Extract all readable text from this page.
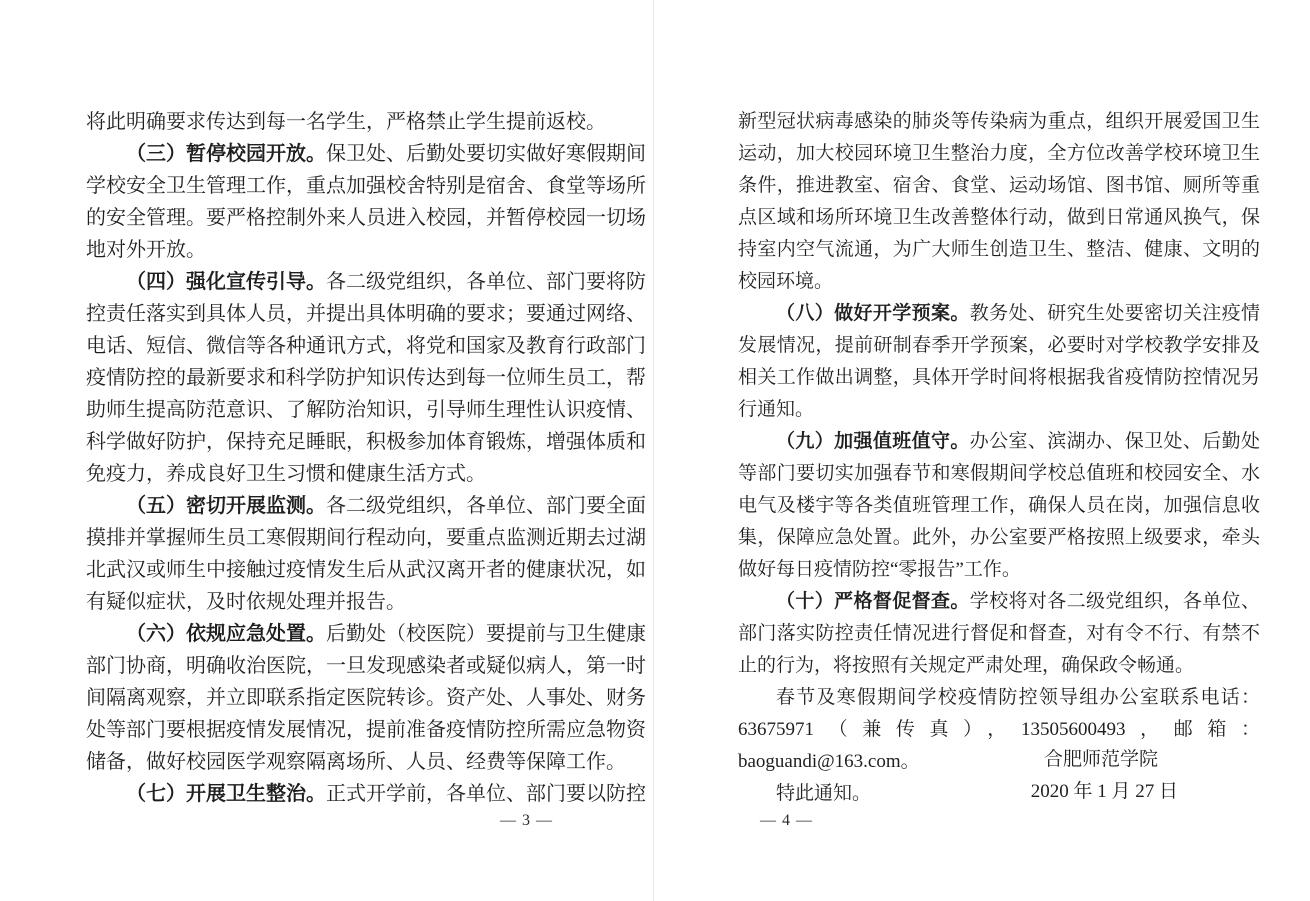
将此明确要求传达到每一名学生，严格禁止学生提前返校。

（三）暂停校园开放。保卫处、后勤处要切实做好寒假期间学校安全卫生管理工作，重点加强校舍特别是宿舍、食堂等场所的安全管理。要严格控制外来人员进入校园，并暂停校园一切场地对外开放。

（四）强化宣传引导。各二级党组织，各单位、部门要将防控责任落实到具体人员，并提出具体明确的要求；要通过网络、电话、短信、微信等各种通讯方式，将党和国家及教育行政部门疫情防控的最新要求和科学防护知识传达到每一位师生员工，帮助师生提高防范意识、了解防治知识，引导师生理性认识疫情、科学做好防护，保持充足睡眠，积极参加体育锻炼，增强体质和免疫力，养成良好卫生习惯和健康生活方式。

（五）密切开展监测。各二级党组织，各单位、部门要全面摸排并掌握师生员工寒假期间行程动向，要重点监测近期去过湖北武汉或师生中接触过疫情发生后从武汉离开者的健康状况，如有疑似症状，及时依规处理并报告。

（六）依规应急处置。后勤处（校医院）要提前与卫生健康部门协商，明确收治医院，一旦发现感染者或疑似病人，第一时间隔离观察，并立即联系指定医院转诊。资产处、人事处、财务处等部门要根据疫情发展情况，提前准备疫情防控所需应急物资储备，做好校园医学观察隔离场所、人员、经费等保障工作。

（七）开展卫生整治。正式开学前，各单位、部门要以防控

新型冠状病毒感染的肺炎等传染病为重点，组织开展爱国卫生运动，加大校园环境卫生整治力度，全方位改善学校环境卫生条件，推进教室、宿舍、食堂、运动场馆、图书馆、厕所等重点区域和场所环境卫生改善整体行动，做到日常通风换气，保持室内空气流通，为广大师生创造卫生、整洁、健康、文明的校园环境。

（八）做好开学预案。教务处、研究生处要密切关注疫情发展情况，提前研制春季开学预案，必要时对学校教学安排及相关工作做出调整，具体开学时间将根据我省疫情防控情况另行通知。

（九）加强值班值守。办公室、滨湖办、保卫处、后勤处等部门要切实加强春节和寒假期间学校总值班和校园安全、水电气及楼宇等各类值班管理工作，确保人员在岗，加强信息收集，保障应急处置。此外，办公室要严格按照上级要求，牵头做好每日疫情防控“零报告”工作。

（十）严格督促督查。学校将对各二级党组织，各单位、部门落实防控责任情况进行督促和督查，对有令不行、有禁不止的行为，将按照有关规定严肃处理，确保政令畅通。

春节及寒假期间学校疫情防控领导组办公室联系电话：63675971（兼传真），13505600493，邮箱：baoguandi@163.com。

特此通知。

合肥师范学院
2020 年 1 月 27 日
— 3 —	— 4 —
